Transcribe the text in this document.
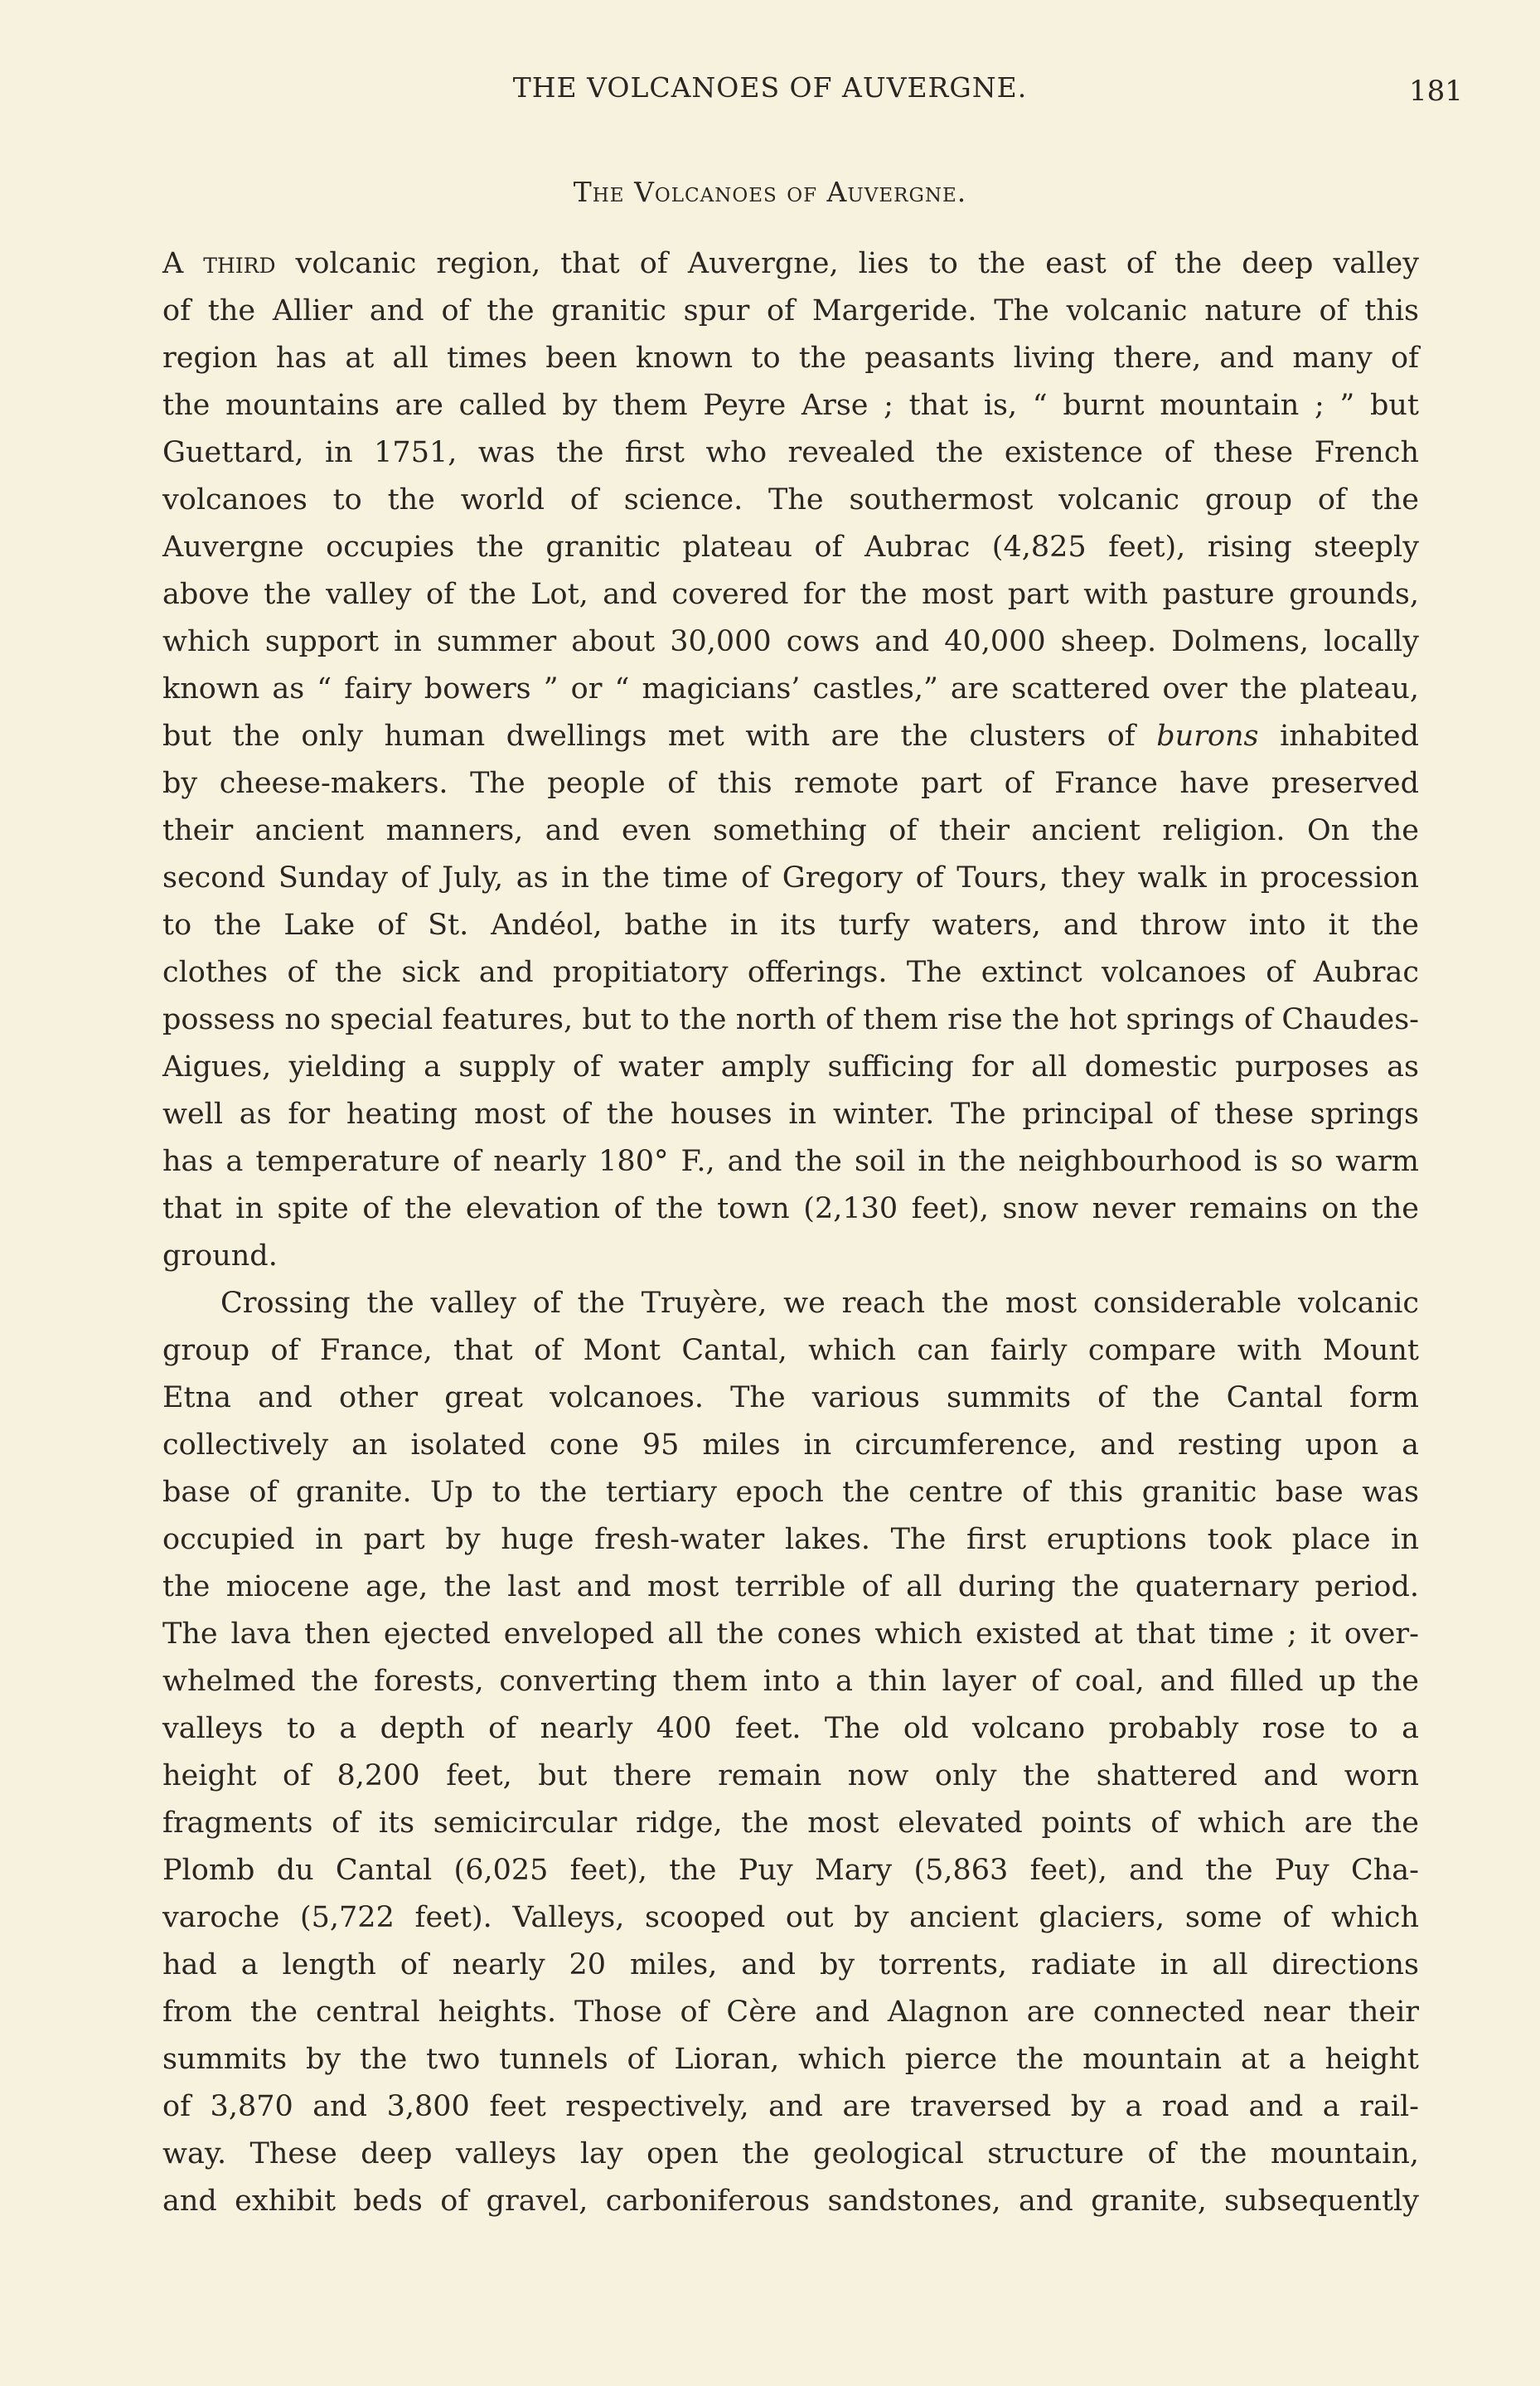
THE VOLCANOES OF AUVERGNE.	181
The Volcanoes of Auvergne.
A third volcanic region, that of Auvergne, lies to the east of the deep valley
of the Allier and of the granitic spur of Margeride. The volcanic nature of this
region has at all times been known to the peasants living there, and many of
the mountains are called by them Peyre Arse ; that is, “ burnt mountain ; ” but
Guettard, in 1751, was the first who revealed the existence of these French
volcanoes to the world of science. The southermost volcanic group of the
Auvergne occupies the granitic plateau of Aubrac (4,825 feet), rising steeply
above the valley of the Lot, and covered for the most part with pasture grounds,
which support in summer about 30,000 cows and 40,000 sheep. Dolmens, locally
known as “ fairy bowers ” or “ magicians’ castles,” are scattered over the plateau,
but the only human dwellings met with are the clusters of burons inhabited
by cheese-makers. The people of this remote part of France have preserved
their ancient manners, and even something of their ancient religion. On the
second Sunday of July, as in the time of Gregory of Tours, they walk in procession
to the Lake of St. Andéol, bathe in its turfy waters, and throw into it the
clothes of the sick and propitiatory offerings. The extinct volcanoes of Aubrac
possess no special features, but to the north of them rise the hot springs of Chaudes-
Aigues, yielding a supply of water amply sufficing for all domestic purposes as
well as for heating most of the houses in winter. The principal of these springs
has a temperature of nearly 180° F., and the soil in the neighbourhood is so warm
that in spite of the elevation of the town (2,130 feet), snow never remains on the
ground.
Crossing the valley of the Truyère, we reach the most considerable volcanic
group of France, that of Mont Cantal, which can fairly compare with Mount
Etna and other great volcanoes. The various summits of the Cantal form
collectively an isolated cone 95 miles in circumference, and resting upon a
base of granite. Up to the tertiary epoch the centre of this granitic base was
occupied in part by huge fresh-water lakes. The first eruptions took place in
the miocene age, the last and most terrible of all during the quaternary period.
The lava then ejected enveloped all the cones which existed at that time ; it over-
whelmed the forests, converting them into a thin layer of coal, and filled up the
valleys to a depth of nearly 400 feet. The old volcano probably rose to a
height of 8,200 feet, but there remain now only the shattered and worn
fragments of its semicircular ridge, the most elevated points of which are the
Plomb du Cantal (6,025 feet), the Puy Mary (5,863 feet), and the Puy Cha-
varoche (5,722 feet). Valleys, scooped out by ancient glaciers, some of which
had a length of nearly 20 miles, and by torrents, radiate in all directions
from the central heights. Those of Cère and Alagnon are connected near their
summits by the two tunnels of Lioran, which pierce the mountain at a height
of 3,870 and 3,800 feet respectively, and are traversed by a road and a rail-
way. These deep valleys lay open the geological structure of the mountain,
and exhibit beds of gravel, carboniferous sandstones, and granite, subsequently
